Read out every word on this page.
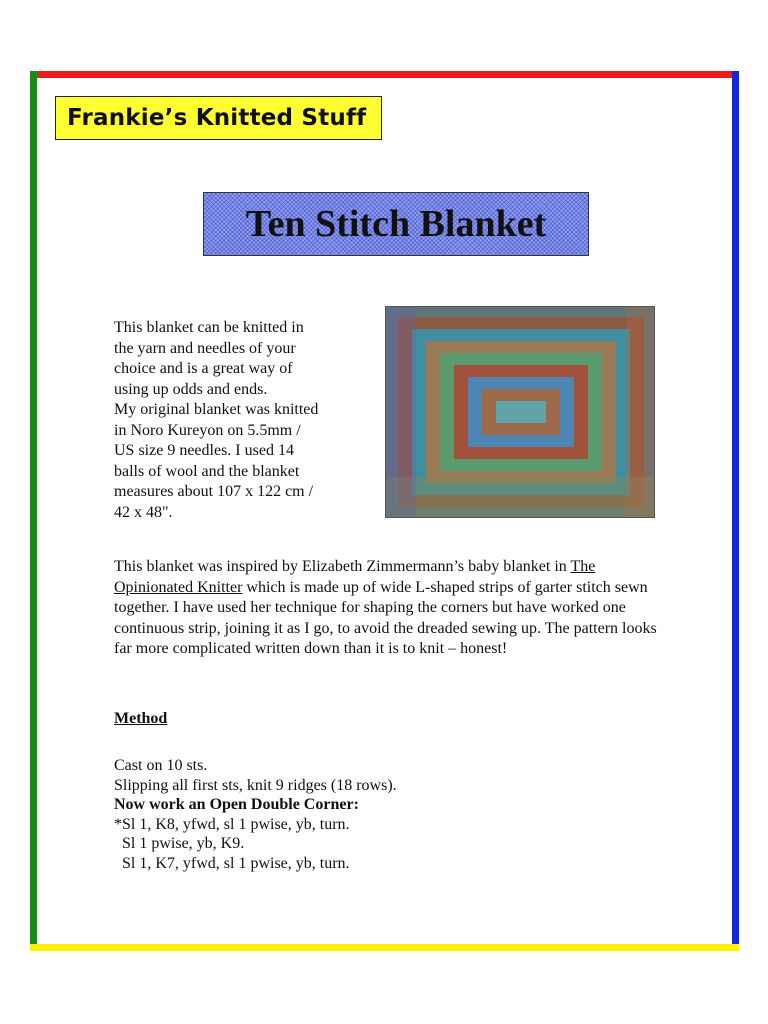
Frankie’s Knitted Stuff
Ten Stitch Blanket

This blanket can be knitted in

the yarn and needles of your

choice and is a great way of

using up odds and ends.

My original blanket was knitted

in Noro Kureyon on 5.5mm /

US size 9 needles. I used 14

balls of wool and the blanket

measures about 107 x 122 cm /

42 x 48".

This blanket was inspired by Elizabeth Zimmermann’s baby blanket in The Opinionated Knitter which is made up of wide L-shaped strips of garter stitch sewn together. I have used her technique for shaping the corners but have worked one continuous strip, joining it as I go, to avoid the dreaded sewing up. The pattern looks far more complicated written down than it is to knit – honest!

Method

Cast on 10 sts.
Slipping all first sts, knit 9 ridges (18 rows).
Now work an Open Double Corner:
*Sl 1, K8, yfwd, sl 1 pwise, yb, turn.
Sl 1 pwise, yb, K9.
Sl 1, K7, yfwd, sl 1 pwise, yb, turn.
